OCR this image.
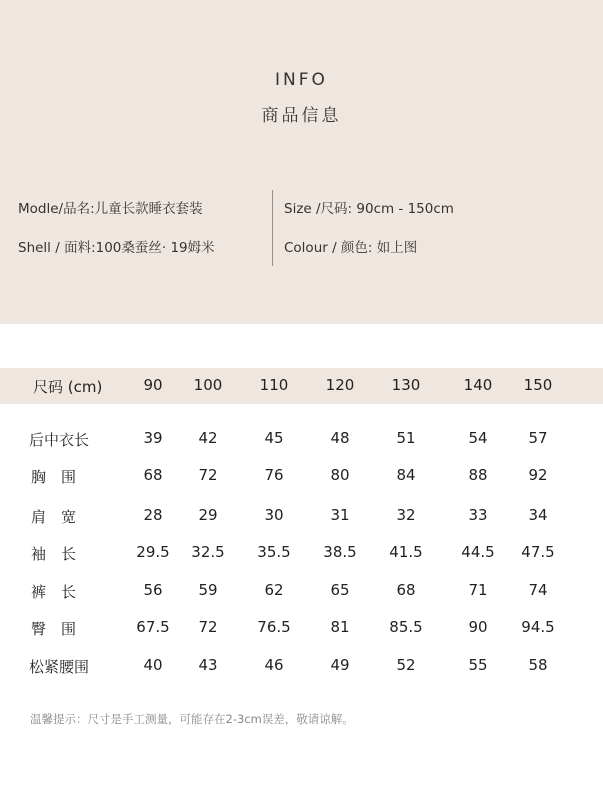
INFO
商品信息
Modle/品名:儿童长款睡衣套装
Shell / 面料:100桑蚕丝· 19姆米
Size /尺码: 90cm - 150cm
Colour / 颜色: 如上图
尺码 (cm)	90 100 110 120 130	140 150
后中衣长	39 42	45	48	51	54	57
胸　围	68 72	76	80	84	88	92
肩　宽	28 29	30	31	32	33	34
袖　长	29.5 32.5 35.5 38.5 41.5	44.5 47.5
裤　长	56 59	62	65	68	71	74
臀　围	67.5 72	76.5	81	85.5	90 94.5
松紧腰围	40 43	46	49	52	55	58
温馨提示：尺寸是手工测量，可能存在2-3cm误差，敬请谅解。
